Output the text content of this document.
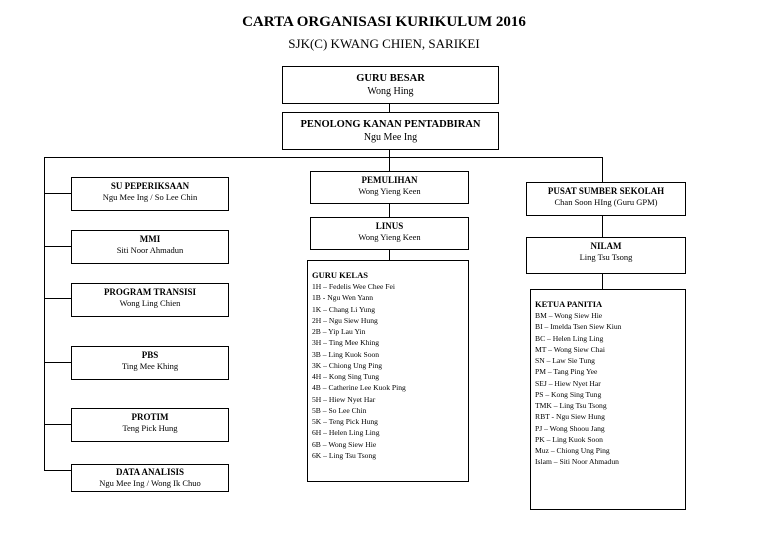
CARTA ORGANISASI KURIKULUM 2016
SJK(C) KWANG CHIEN, SARIKEI
GURU BESAR
Wong Hing
PENOLONG KANAN PENTADBIRAN
Ngu Mee Ing
SU PEPERIKSAAN
Ngu Mee Ing / So Lee Chin
MMI
Siti Noor Ahmadun
PROGRAM TRANSISI
Wong Ling Chien
PBS
Ting Mee Khing
PROTIM
Teng Pick Hung
DATA ANALISIS
Ngu Mee Ing / Wong Ik Chuo
PEMULIHAN
Wong Yieng Keen
LINUS
Wong Yieng Keen
GURU KELAS
1H – Fedelis Wee Chee Fei
1B - Ngu Wen Yann
1K – Chang Li Yung
2H – Ngu Siew Hung
2B – Yip Lau Yin
3H – Ting Mee Khing
3B – Ling Kuok Soon
3K – Chiong Ung Ping
4H – Kong Sing Tung
4B – Catherine Lee Kuok Ping
5H – Hiew Nyet Har
5B – So Lee Chin
5K – Teng Pick Hung
6H – Helen Ling Ling
6B – Wong Siew Hie
6K – Ling Tsu Tsong
PUSAT SUMBER SEKOLAH
Chan Soon HIng (Guru GPM)
NILAM
Ling Tsu Tsong
KETUA PANITIA
BM – Wong Siew Hie
BI – Imelda Tsen Siew Kiun
BC – Helen Ling Ling
MT – Wong Siew Chai
SN – Law Sie Tung
PM – Tang Ping Yee
SEJ – Hiew Nyet Har
PS – Kong Sing Tung
TMK – Ling Tsu Tsong
RBT - Ngu Siew Hung
PJ – Wong Shoou Jang
PK – Ling Kuok Soon
Muz – Chiong Ung Ping
Islam – Siti Noor Ahmadun
